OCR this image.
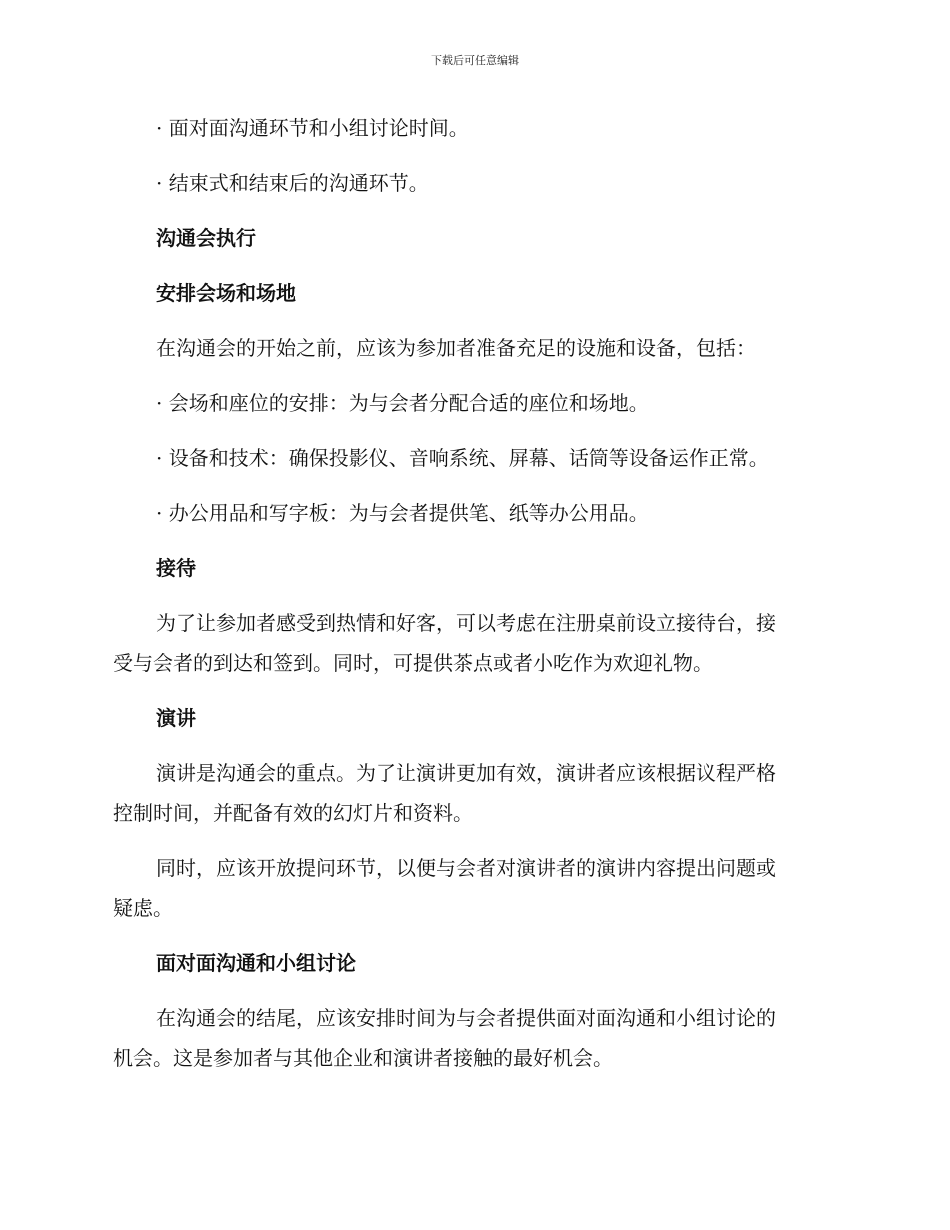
下载后可任意编辑
· 面对面沟通环节和小组讨论时间。
· 结束式和结束后的沟通环节。
沟通会执行
安排会场和场地
在沟通会的开始之前，应该为参加者准备充足的设施和设备，包括：
· 会场和座位的安排：为与会者分配合适的座位和场地。
· 设备和技术：确保投影仪、音响系统、屏幕、话筒等设备运作正常。
· 办公用品和写字板：为与会者提供笔、纸等办公用品。
接待
为了让参加者感受到热情和好客，可以考虑在注册桌前设立接待台，接
受与会者的到达和签到。同时，可提供茶点或者小吃作为欢迎礼物。
演讲
演讲是沟通会的重点。为了让演讲更加有效，演讲者应该根据议程严格
控制时间，并配备有效的幻灯片和资料。
同时，应该开放提问环节，以便与会者对演讲者的演讲内容提出问题或
疑虑。
面对面沟通和小组讨论
在沟通会的结尾，应该安排时间为与会者提供面对面沟通和小组讨论的
机会。这是参加者与其他企业和演讲者接触的最好机会。
